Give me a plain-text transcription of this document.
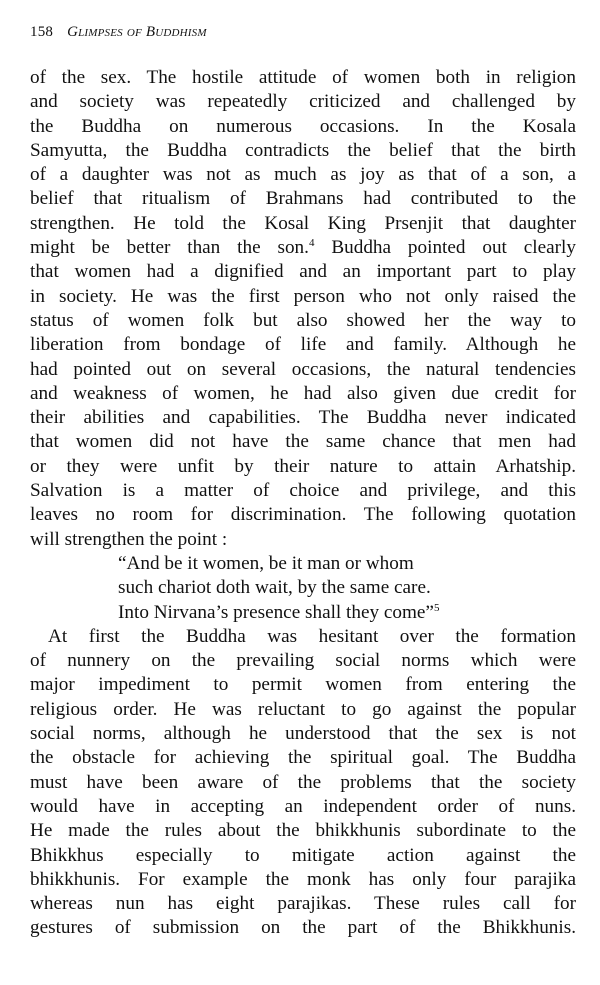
158 Glimpses of Buddhism
of the sex. The hostile attitude of women both in religion
and society was repeatedly criticized and challenged by
the Buddha on numerous occasions. In the Kosala
Samyutta, the Buddha contradicts the belief that the birth
of a daughter was not as much as joy as that of a son, a
belief that ritualism of Brahmans had contributed to the
strengthen. He told the Kosal King Prsenjit that daughter
might be better than the son.$^4$ Buddha pointed out clearly
that women had a dignified and an important part to play
in society. He was the first person who not only raised the
status of women folk but also showed her the way to
liberation from bondage of life and family. Although he
had pointed out on several occasions, the natural tendencies
and weakness of women, he had also given due credit for
their abilities and capabilities. The Buddha never indicated
that women did not have the same chance that men had
or they were unfit by their nature to attain Arhatship.
Salvation is a matter of choice and privilege, and this
leaves no room for discrimination. The following quotation
will strengthen the point :
“And be it women, be it man or whom
such chariot doth wait, by the same care.
Into Nirvana’s presence shall they come”$^5$
At first the Buddha was hesitant over the formation
of nunnery on the prevailing social norms which were
major impediment to permit women from entering the
religious order. He was reluctant to go against the popular
social norms, although he understood that the sex is not
the obstacle for achieving the spiritual goal. The Buddha
must have been aware of the problems that the society
would have in accepting an independent order of nuns.
He made the rules about the bhikkhunis subordinate to the
Bhikkhus especially to mitigate action against the
bhikkhunis. For example the monk has only four parajika
whereas nun has eight parajikas. These rules call for
gestures of submission on the part of the Bhikkhunis.
